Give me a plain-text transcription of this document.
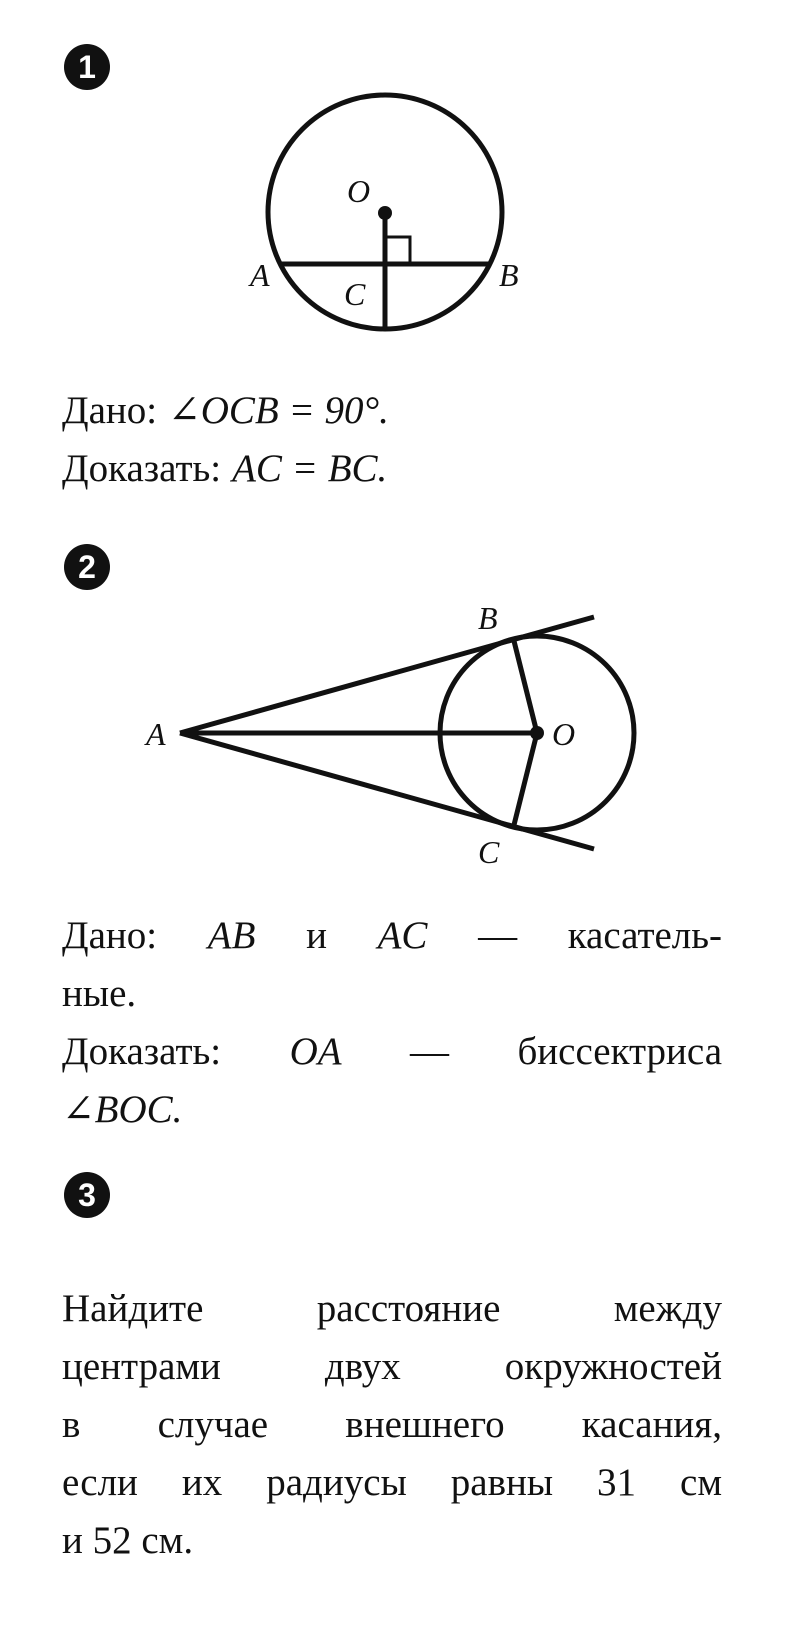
1
O
A	B
C
Дано: ∠OCB = 90°.
Доказать: AC = BC.
2
A
B
O
C
Дано: AB и AC — касатель-
ные.
Доказать: OA — биссектриса
∠BOC.
3
Найдите расстояние между
центрами двух окружностей
в случае внешнего касания,
если их радиусы равны 31 см
и 52 см.
